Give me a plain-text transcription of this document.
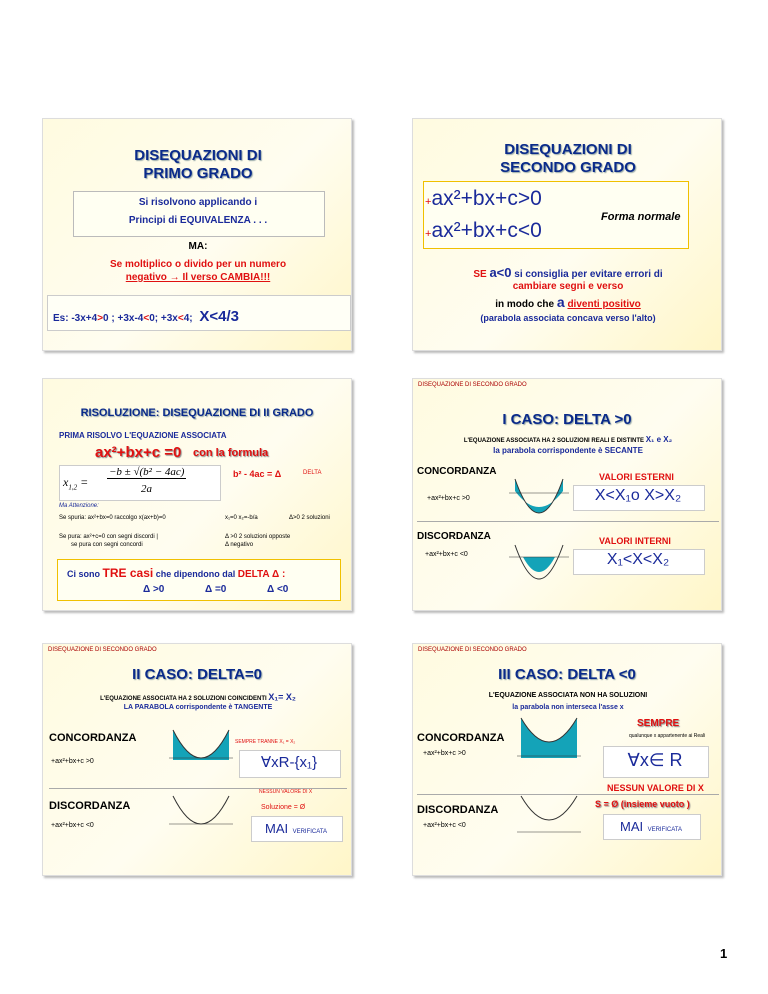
DISEQUAZIONI DI PRIMO GRADO
Si risolvono applicando i
Principi di EQUIVALENZA . . .
MA:
Se moltiplico o divido per un numero
negativo → Il verso CAMBIA!!!
Es: -3x+4>0 ; +3x-4<0; +3x<4; X<4/3
DISEQUAZIONI DI SECONDO GRADO
+ax²+bx+c>0
+ax²+bx+c<0
Forma normale
SE a<0 si consiglia per evitare errori di
cambiare segni e verso
in modo che a diventi positivo
(parabola associata concava verso l'alto)
RISOLUZIONE: DISEQUAZIONE DI II GRADO
PRIMA RISOLVO L'EQUAZIONE ASSOCIATA
ax²+bx+c =0 con la formula
$x_{1,2}$ =
−b ± √(b² − 4ac)
2a
b² - 4ac = Δ	DELTA
Ma Attenzione:
Se spuria: ax²+bx=0 raccolgo x(ax+b)=0	x₁=0 x₂=-b/a	Δ>0 2 soluzioni
Se pura: ax²+c=0 con segni discordi |
se pura con segni concordi
Δ >0 2 soluzioni opposte
Δ negativo
Ci sono TRE casi che dipendono dal DELTA Δ :
Δ >0	Δ =0	Δ <0
DISEQUAZIONE DI SECONDO GRADO
I CASO: DELTA >0
L'EQUAZIONE ASSOCIATA HA 2 SOLUZIONI REALI E DISTINTE X₁ e X₂
la parabola corrispondente è SECANTE
CONCORDANZA
+ax²+bx+c >0
VALORI ESTERNI
X<X₁o X>X₂
DISCORDANZA
+ax²+bx+c <0
VALORI INTERNI
X₁<X<X₂
DISEQUAZIONE DI SECONDO GRADO
II CASO: DELTA=0
L'EQUAZIONE ASSOCIATA HA 2 SOLUZIONI COINCIDENTI X₁= X₂
LA PARABOLA corrispondente è TANGENTE
CONCORDANZA
+ax²+bx+c >0
SEMPRE TRANNE X₁ = X₂
∀xR-{x₁}
NESSUN VALORE DI X
DISCORDANZA
+ax²+bx+c <0
Soluzione = Ø
MAI VERIFICATA
DISEQUAZIONE DI SECONDO GRADO
III CASO: DELTA <0
L'EQUAZIONE ASSOCIATA NON HA SOLUZIONI
la parabola non interseca l'asse x
SEMPRE
qualunque x appartenente ai Reali
CONCORDANZA
+ax²+bx+c >0	∀x∈ R
NESSUN VALORE DI X
DISCORDANZA
+ax²+bx+c <0
S = Ø (insieme vuoto )
MAI VERIFICATA
1
